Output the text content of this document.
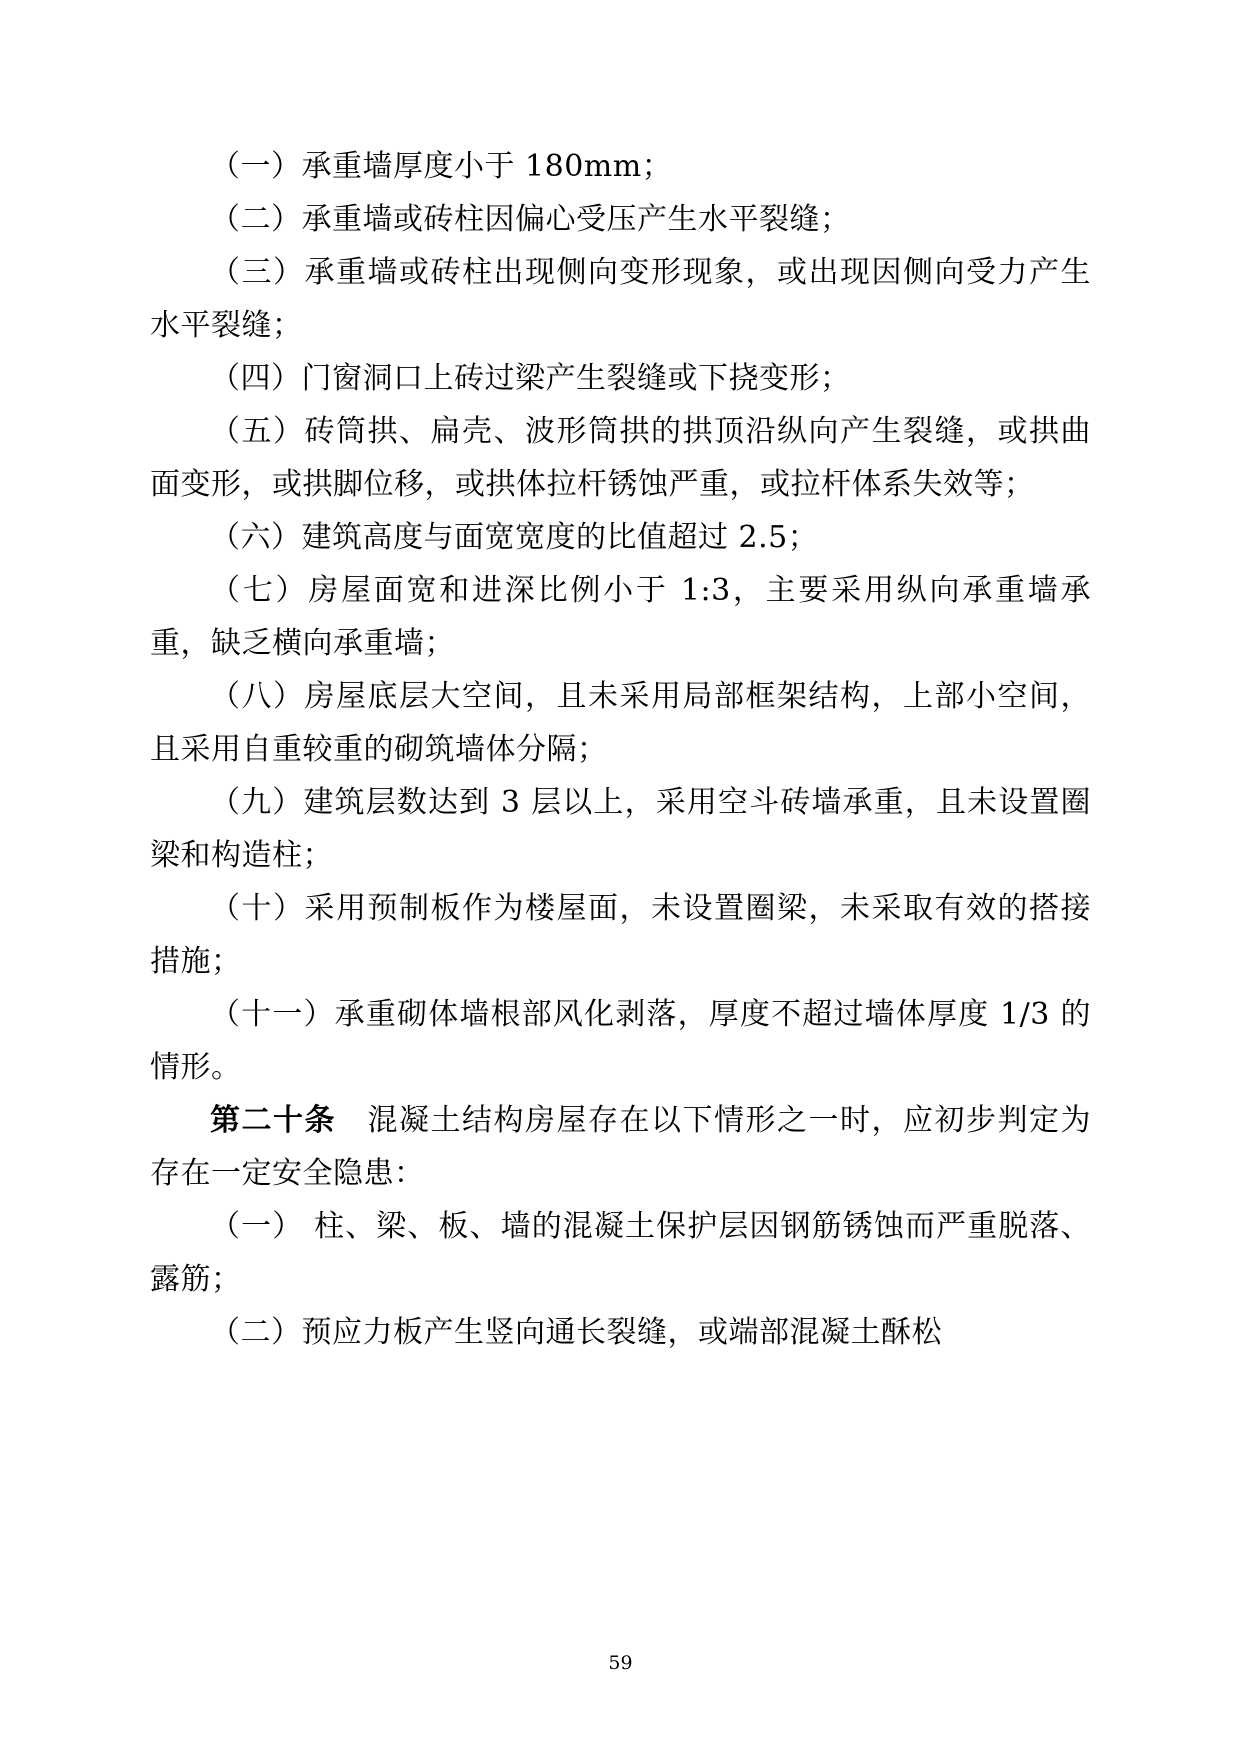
（一）承重墙厚度小于 180mm；

（二）承重墙或砖柱因偏心受压产生水平裂缝；

（三）承重墙或砖柱出现侧向变形现象，或出现因侧向受力产生水平裂缝；

（四）门窗洞口上砖过梁产生裂缝或下挠变形；

（五）砖筒拱、扁壳、波形筒拱的拱顶沿纵向产生裂缝，或拱曲面变形，或拱脚位移，或拱体拉杆锈蚀严重，或拉杆体系失效等；

（六）建筑高度与面宽宽度的比值超过 2.5；

（七）房屋面宽和进深比例小于 1:3，主要采用纵向承重墙承重，缺乏横向承重墙；

（八）房屋底层大空间，且未采用局部框架结构，上部小空间，且采用自重较重的砌筑墙体分隔；

（九）建筑层数达到 3 层以上，采用空斗砖墙承重，且未设置圈梁和构造柱；

（十）采用预制板作为楼屋面，未设置圈梁，未采取有效的搭接措施；

（十一）承重砌体墙根部风化剥落，厚度不超过墙体厚度 1/3 的情形。

第二十条　混凝土结构房屋存在以下情形之一时，应初步判定为存在一定安全隐患：

（一） 柱、梁、板、墙的混凝土保护层因钢筋锈蚀而严重脱落、露筋；

（二）预应力板产生竖向通长裂缝，或端部混凝土酥松

59
